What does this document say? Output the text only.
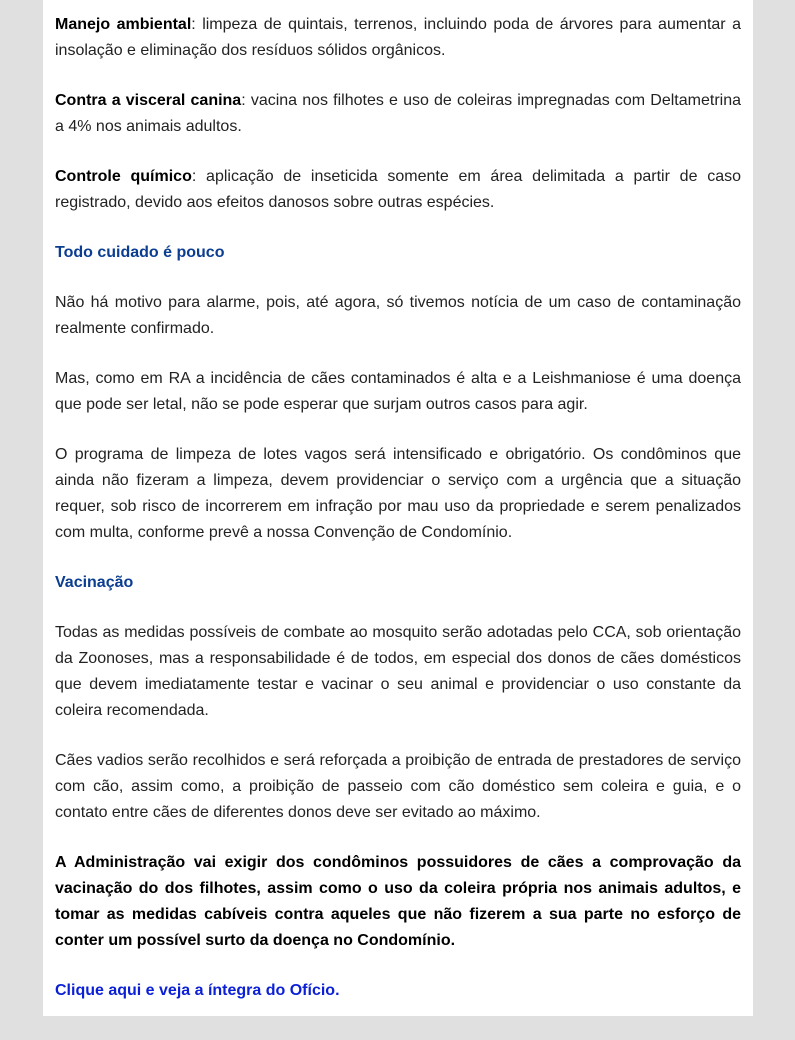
Manejo ambiental: limpeza de quintais, terrenos, incluindo poda de árvores para aumentar a insolação e eliminação dos resíduos sólidos orgânicos.

Contra a visceral canina: vacina nos filhotes e uso de coleiras impregnadas com Deltametrina a 4% nos animais adultos.

Controle químico: aplicação de inseticida somente em área delimitada a partir de caso registrado, devido aos efeitos danosos sobre outras espécies.

Todo cuidado é pouco

Não há motivo para alarme, pois, até agora, só tivemos notícia de um caso de contaminação realmente confirmado.

Mas, como em RA a incidência de cães contaminados é alta e a Leishmaniose é uma doença que pode ser letal, não se pode esperar que surjam outros casos para agir.

O programa de limpeza de lotes vagos será intensificado e obrigatório. Os condôminos que ainda não fizeram a limpeza, devem providenciar o serviço com a urgência que a situação requer, sob risco de incorrerem em infração por mau uso da propriedade e serem penalizados com multa, conforme prevê a nossa Convenção de Condomínio.

Vacinação

Todas as medidas possíveis de combate ao mosquito serão adotadas pelo CCA, sob orientação da Zoonoses, mas a responsabilidade é de todos, em especial dos donos de cães domésticos que devem imediatamente testar e vacinar o seu animal e providenciar o uso constante da coleira recomendada.

Cães vadios serão recolhidos e será reforçada a proibição de entrada de prestadores de serviço com cão, assim como, a proibição de passeio com cão doméstico sem coleira e guia, e o contato entre cães de diferentes donos deve ser evitado ao máximo.

A Administração vai exigir dos condôminos possuidores de cães a comprovação da vacinação do dos filhotes, assim como o uso da coleira própria nos animais adultos, e tomar as medidas cabíveis contra aqueles que não fizerem a sua parte no esforço de conter um possível surto da doença no Condomínio.

Clique aqui e veja a íntegra do Ofício.
